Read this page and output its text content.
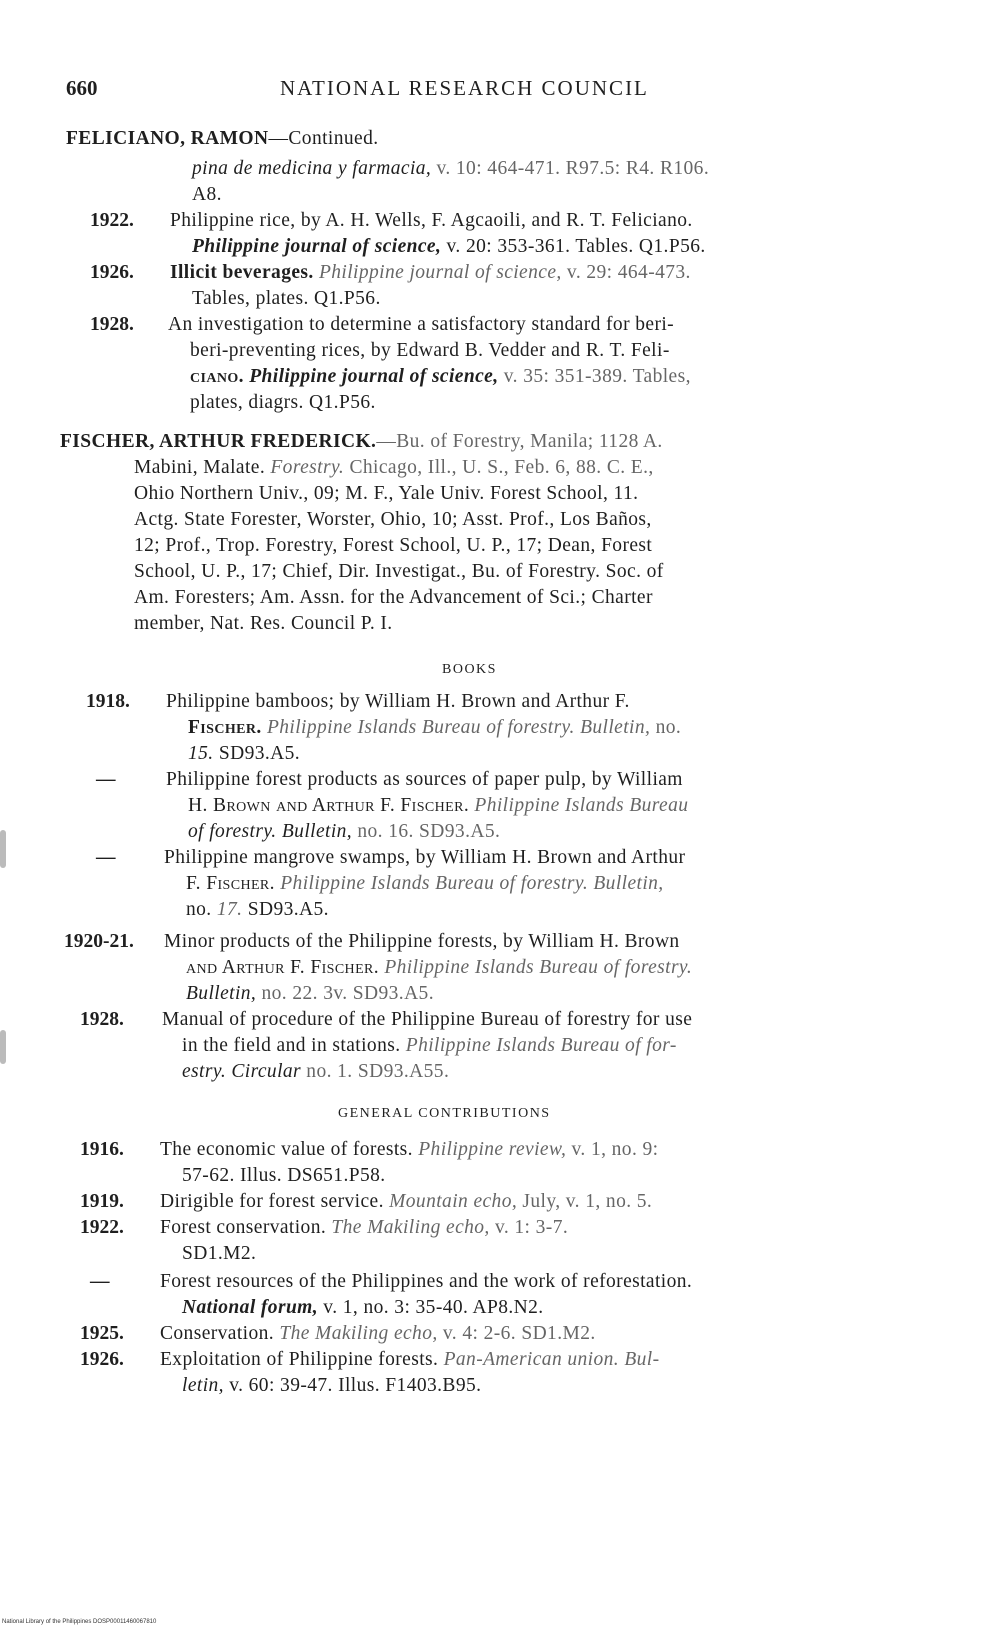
660	NATIONAL RESEARCH COUNCIL
FELICIANO, RAMON—Continued.
pina de medicina y farmacia, v. 10: 464-471. R97.5: R4. R106.
A8.
1922. Philippine rice, by A. H. Wells, F. Agcaoili, and R. T. Feliciano.
Philippine journal of science, v. 20: 353-361. Tables. Q1.P56.
1926. Illicit beverages. Philippine journal of science, v. 29: 464-473.
Tables, plates. Q1.P56.
1928. An investigation to determine a satisfactory standard for beri-
beri-preventing rices, by Edward B. Vedder and R. T. Feli-
ciano. Philippine journal of science, v. 35: 351-389. Tables,
plates, diagrs. Q1.P56.
FISCHER, ARTHUR FREDERICK.—Bu. of Forestry, Manila; 1128 A.
Mabini, Malate. Forestry. Chicago, Ill., U. S., Feb. 6, 88. C. E.,
Ohio Northern Univ., 09; M. F., Yale Univ. Forest School, 11.
Actg. State Forester, Worster, Ohio, 10; Asst. Prof., Los Baños,
12; Prof., Trop. Forestry, Forest School, U. P., 17; Dean, Forest
School, U. P., 17; Chief, Dir. Investigat., Bu. of Forestry. Soc. of
Am. Foresters; Am. Assn. for the Advancement of Sci.; Charter
member, Nat. Res. Council P. I.
BOOKS
1918. Philippine bamboos; by William H. Brown and Arthur F.
Fischer. Philippine Islands Bureau of forestry. Bulletin, no.
15. SD93.A5.
—	Philippine forest products as sources of paper pulp, by William
H. Brown and Arthur F. Fischer. Philippine Islands Bureau
of forestry. Bulletin, no. 16. SD93.A5.
— Philippine mangrove swamps, by William H. Brown and Arthur
F. Fischer. Philippine Islands Bureau of forestry. Bulletin,
no. 17. SD93.A5.
1920-21. Minor products of the Philippine forests, by William H. Brown
and Arthur F. Fischer. Philippine Islands Bureau of forestry.
Bulletin, no. 22. 3v. SD93.A5.
1928. Manual of procedure of the Philippine Bureau of forestry for use
in the field and in stations. Philippine Islands Bureau of for-
estry. Circular no. 1. SD93.A55.
GENERAL CONTRIBUTIONS
1916. The economic value of forests. Philippine review, v. 1, no. 9:
57-62. Illus. DS651.P58.
1919. Dirigible for forest service. Mountain echo, July, v. 1, no. 5.
1922. Forest conservation. The Makiling echo, v. 1: 3-7.
SD1.M2.
—	Forest resources of the Philippines and the work of reforestation.
National forum, v. 1, no. 3: 35-40. AP8.N2.
1925. Conservation. The Makiling echo, v. 4: 2-6. SD1.M2.
1926. Exploitation of Philippine forests. Pan-American union. Bul-
letin, v. 60: 39-47. Illus. F1403.B95.
National Library of the Philippines DOSP00011460067810
